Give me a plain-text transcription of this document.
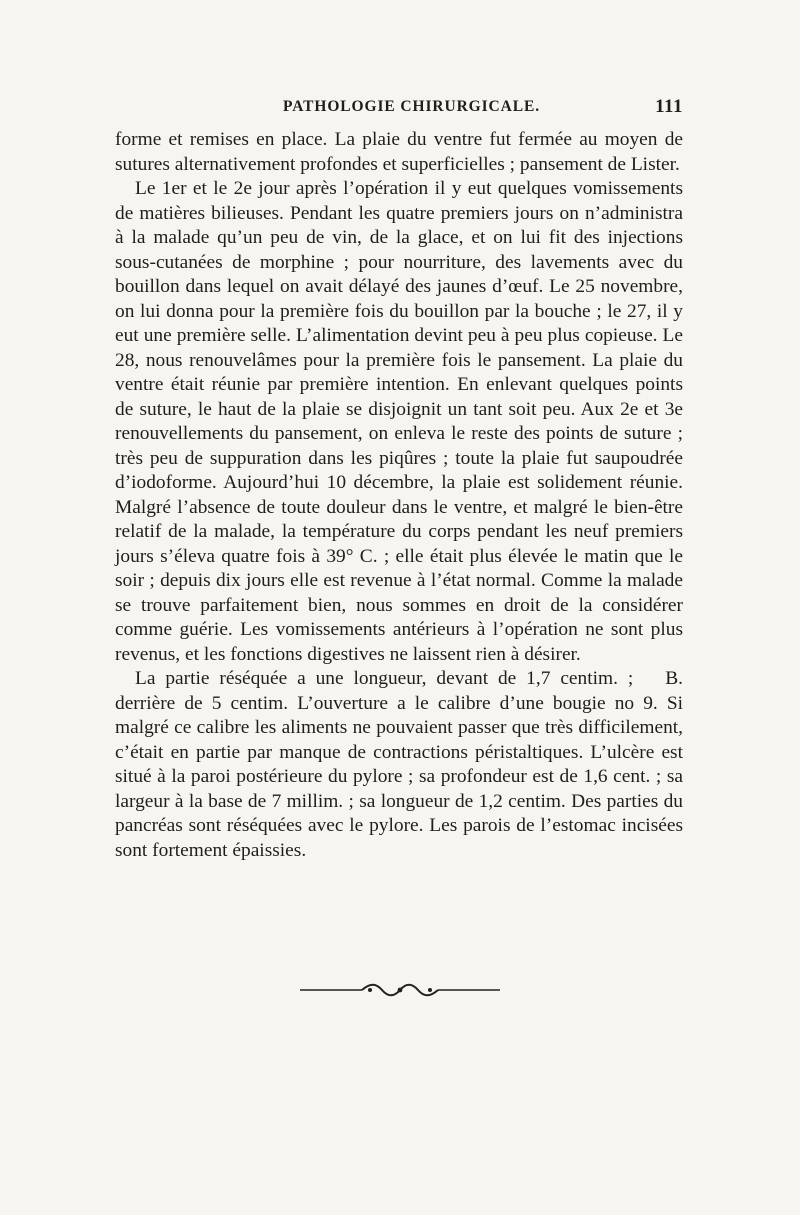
PATHOLOGIE CHIRURGICALE.	111

forme et remises en place. La plaie du ventre fut fermée au moyen de sutures alternativement profondes et superficielles ; pansement de Lister.

Le 1er et le 2e jour après l’opération il y eut quelques vomissements de matières bilieuses. Pendant les quatre premiers jours on n’administra à la malade qu’un peu de vin, de la glace, et on lui fit des injections sous-cutanées de morphine ; pour nourriture, des lavements avec du bouillon dans lequel on avait délayé des jaunes d’œuf. Le 25 novembre, on lui donna pour la première fois du bouillon par la bouche ; le 27, il y eut une première selle. L’alimentation devint peu à peu plus copieuse. Le 28, nous renouvelâmes pour la première fois le pansement. La plaie du ventre était réunie par première intention. En enlevant quelques points de suture, le haut de la plaie se disjoignit un tant soit peu. Aux 2e et 3e renouvellements du pansement, on enleva le reste des points de suture ; très peu de suppuration dans les piqûres ; toute la plaie fut saupoudrée d’iodoforme. Aujourd’hui 10 décembre, la plaie est solidement réunie. Malgré l’absence de toute douleur dans le ventre, et malgré le bien-être relatif de la malade, la température du corps pendant les neuf premiers jours s’éleva quatre fois à 39° C. ; elle était plus élevée le matin que le soir ; depuis dix jours elle est revenue à l’état normal. Comme la malade se trouve parfaitement bien, nous sommes en droit de la considérer comme guérie. Les vomissements antérieurs à l’opération ne sont plus revenus, et les fonctions digestives ne laissent rien à désirer.

B.
La partie réséquée a une longueur, devant de 1,7 centim. ; derrière de 5 centim. L’ouverture a le calibre d’une bougie no 9. Si malgré ce calibre les aliments ne pouvaient passer que très difficilement, c’était en partie par manque de contractions péristaltiques. L’ulcère est situé à la paroi postérieure du pylore ; sa profondeur est de 1,6 cent. ; sa largeur à la base de 7 millim. ; sa longueur de 1,2 centim. Des parties du pancréas sont réséquées avec le pylore. Les parois de l’estomac incisées sont fortement épaissies.
